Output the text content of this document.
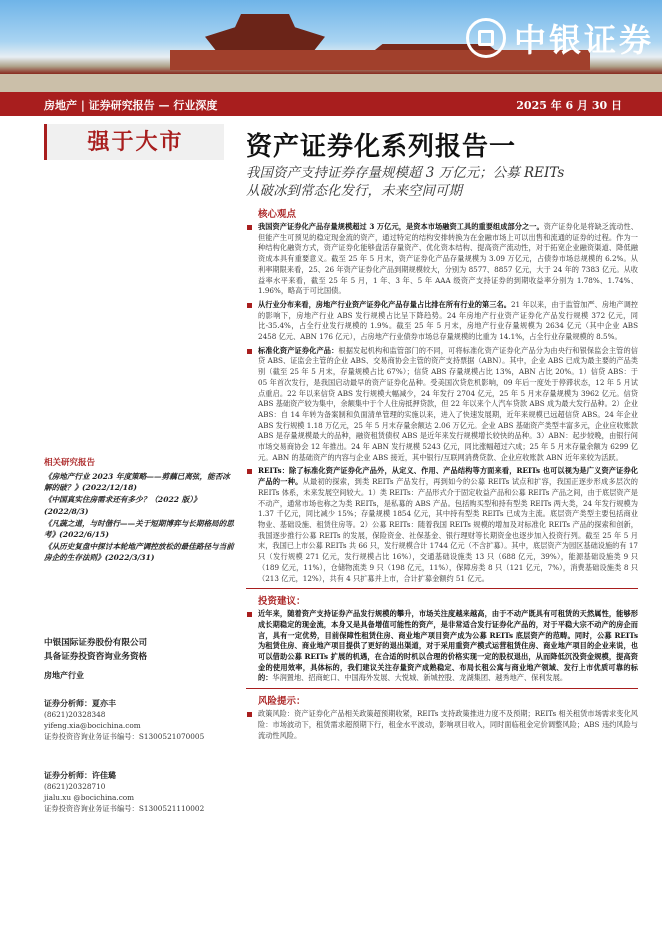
中银证券
房地产 | 证券研究报告 — 行业深度	2025 年 6 月 30 日
强于大市	资产证券化系列报告一
我国资产支持证券存量规模超 3 万亿元；公募 REITs
从破冰到常态化发行，未来空间可期
核心观点
我国资产证券化产品存量规模超过 3 万亿元，是资本市场融资工具的重要组成部分之一。资产证券化是将缺乏流动性、但能产生可预见的稳定现金流的资产，通过特定的结构安排转换为在金融市场上可以出售和流通的证券的过程。作为一种结构化融资方式，资产证券化能够盘活存量资产、优化资本结构、提高资产流动性，对于拓宽企业融资渠道、降低融资成本具有重要意义。截至 25 年 5 月末，资产证券化产品存量规模为 3.09 万亿元，占债券市场总规模的 6.2%。从利率期限来看，25、26 年资产证券化产品到期规模较大，分别为 8577、8857 亿元，大于 24 年的 7383 亿元。从收益率水平来看，截至 25 年 5 月，1 年、3 年、5 年 AAA 级资产支持证券的到期收益率分别为 1.78%、1.74%、1.96%，略高于可比国债。
从行业分布来看，房地产行业资产证券化产品存量占比排在所有行业的第三名。21 年以来，由于监管加严、房地产调控的影响下，房地产行业 ABS 发行规模占比呈下降趋势。24 年房地产行业资产证券化产品发行规模 372 亿元，同比-35.4%，占全行业发行规模的 1.9%。截至 25 年 5 月末，房地产行业存量规模为 2634 亿元（其中企业 ABS 2458 亿元、ABN 176 亿元），占房地产行业债券市场总存量规模的比重为 14.1%，占全行业存量规模的 8.5%。
标准化资产证券化产品：根据发起机构和监管部门的不同，可将标准化资产证券化产品分为由央行和银保监会主管的信贷 ABS、证监会主管的企业 ABS、交易商协会主管的资产支持票据（ABN）。其中，企业 ABS 已成为最主要的产品类别（截至 25 年 5 月末，存量规模占比 67%）；信贷 ABS 存量规模占比 13%，ABN 占比 20%。1）信贷 ABS：于 05 年首次发行，是我国启动最早的资产证券化品种。受美国次贷危机影响，09 年后一度处于停滞状态，12 年 5 月试点重启。22 年以来信贷 ABS 发行规模大幅减少，24 年发行 2704 亿元，25 年 5 月末存量规模为 3962 亿元。信贷 ABS 基础资产较为集中，余额集中于个人住房抵押贷款，但 22 年以来个人汽车贷款 ABS 成为最大发行品种。2）企业 ABS：自 14 年转为备案制和负面清单管理的实施以来，进入了快速发展期，近年来规模已远超信贷 ABS。24 年企业 ABS 发行规模 1.18 万亿元，25 年 5 月末存量余额达 2.06 万亿元。企业 ABS 基础资产类型丰富多元，企业应收账款 ABS 是存量规模最大的品种，融资租赁债权 ABS 是近年来发行规模增长较快的品种。3）ABN：起步较晚，由银行间市场交易商协会 12 年推出。24 年 ABN 发行规模 5243 亿元，同比涨幅超过六成；25 年 5 月末存量余额为 6299 亿元。ABN 的基础资产的内容与企业 ABS 接近，其中银行/互联网消费贷款、企业应收账款 ABN 近年来较为活跃。
REITs：除了标准化资产证券化产品外，从定义、作用、产品结构等方面来看，REITs 也可以视为是广义资产证券化产品的一种。从最初的探索，到类 REITs 产品发行，再到如今的公募 REITs 试点和扩容，我国正逐步形成多层次的 REITs 体系，未来发展空间较大。1）类 REITs：产品形式介于固定收益产品和公募 REITs 产品之间，由于底层资产是不动产，通常市场也称之为类 REITs，是私募的 ABS 产品。包括购买型和持有型类 REITs 两大类，24 年发行规模为 1.37 千亿元，同比减少 15%；存量规模 1854 亿元，其中持有型类 REITs 已成为主流。底层资产类型主要包括商业物业、基础设施、租赁住房等。2）公募 REITs：随着我国 REITs 规模的增加及对标准化 REITs 产品的探索和创新，我国逐步推行公募 REITs 的发展，保险资金、社保基金、银行理财等长期资金也逐步加入投资行列。截至 25 年 5 月末，我国已上市公募 REITs 共 66 只，发行规模合计 1744 亿元（不含扩募）。其中，底层资产为园区基础设施的有 17 只（发行规模 271 亿元，发行规模占比 16%），交通基础设施类 13 只（688 亿元，39%），能源基础设施类 9 只（189 亿元，11%），仓储物流类 9 只（198 亿元，11%），保障房类 8 只（121 亿元，7%），消费基础设施类 8 只（213 亿元，12%），共有 4 只扩募并上市，合计扩募金额约 51 亿元。
投资建议：
近年来，随着资产支持证券产品发行规模的攀升，市场关注度越来越高，由于不动产既具有可租赁的天然属性，能够形成长期稳定的现金流，本身又是具备增值可能性的资产，是非常适合发行证券化产品的，对于平稳大宗不动产的房企而言，具有一定优势，目前保障性租赁住房、商业地产项目资产成为公募 REITs 底层资产的范畴。同时，公募 REITs 为租赁住房、商业地产项目提供了更好的退出渠道，对于采用重资产模式运营租赁住房、商业地产项目的企业来说，也可以借助公募 REITs 扩展的机遇，在合适的时机以合理的价格实现一定的股权退出，从而降低沉没资金规模，提高资金的使用效率，具体标的，我们建议关注存量资产成熟稳定、布局长租公寓与商业地产领域、发行上市优质可靠的标的：华润置地、招商蛇口、中国海外发展、大悦城、新城控股、龙湖集团、越秀地产、保利发展。
风险提示：
政策风险：资产证券化产品相关政策超预期收紧，REITs 支持政策推进力度不及预期；REITs 相关租赁市场需求变化风险：市场波动下，租赁需求超预期下行，租金水平波动，影响项目收入，同时面临租金定价调整风险；ABS 违约风险与流动性风险。
相关研究报告
《房地产行业 2023 年度策略——剪藕已离弦，能否冰解的破？》(2022/12/18)
《中国真实住房需求还有多少？（2022 版）》(2022/8/3)
《凡蔬之道，与时偕行——关于短期博弈与长期格局的思考》(2022/6/15)
《从历史复盘中探讨本轮地产调控放松的最佳路径与当前房企的生存法则》(2022/3/31)
中银国际证券股份有限公司
具备证券投资咨询业务资格
房地产行业
证券分析师：夏亦丰
(8621)20328348
yifeng.xia@bocichina.com
证券投资咨询业务证书编号：S1300521070005
证券分析师：许佳璐
(8621)20328710
jialu.xu @bocichina.com
证券投资咨询业务证书编号：S1300521110002
